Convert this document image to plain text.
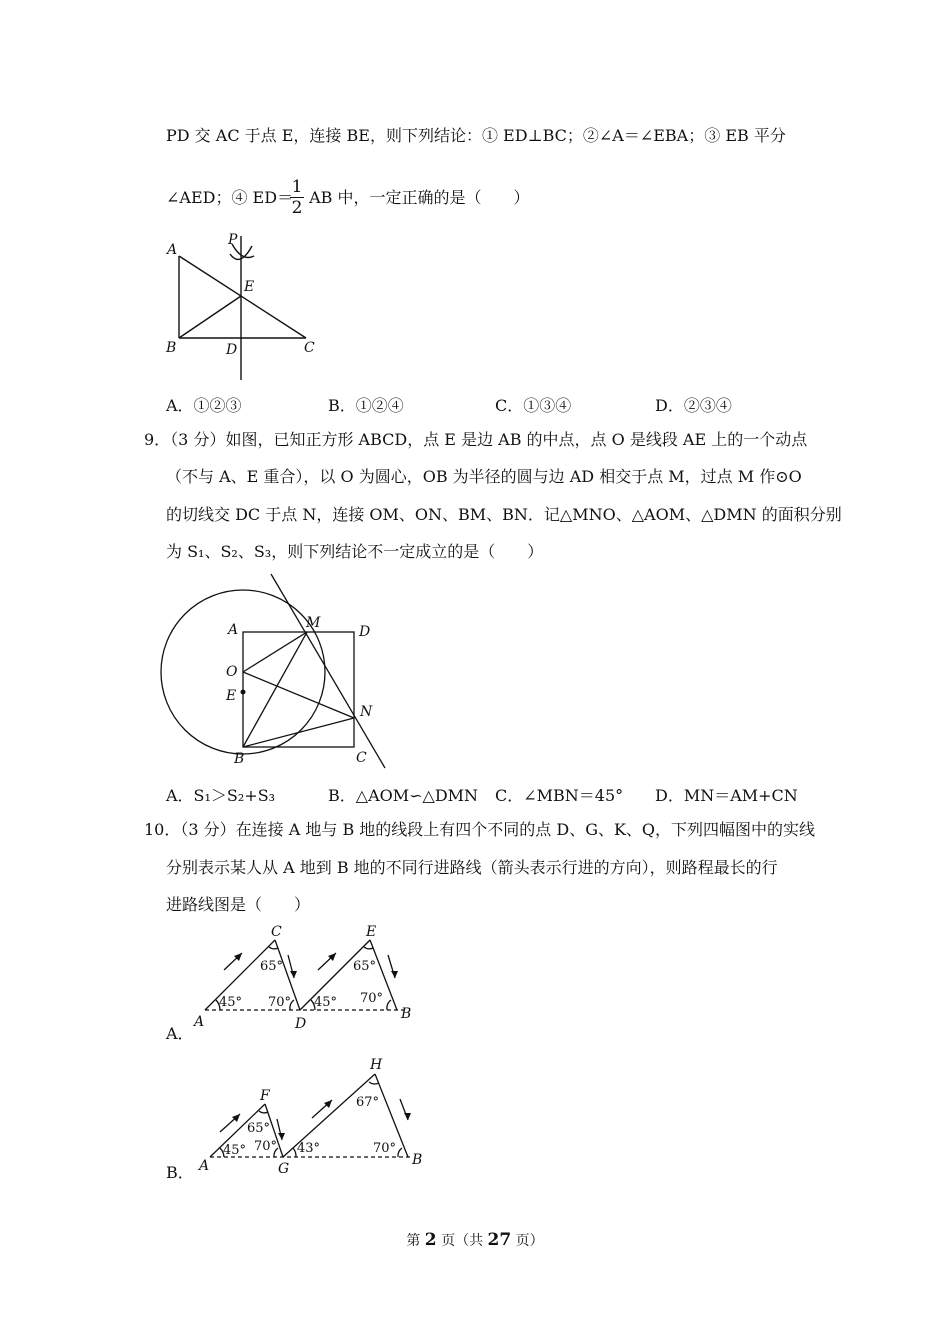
PD 交 AC 于点 E，连接 BE，则下列结论：① ED⊥BC；②∠A＝∠EBA；③ EB 平分
∠AED；④ ED＝ AB 中，一定正确的是（　　）
1
2
A
P
E
B	D	C
A．①②③	B．①②④	C．①③④	D．②③④
9．（3 分）如图，已知正方形 ABCD，点 E 是边 AB 的中点，点 O 是线段 AE 上的一个动点
（不与 A、E 重合），以 O 为圆心，OB 为半径的圆与边 AD 相交于点 M，过点 M 作⊙O
的切线交 DC 于点 N，连接 OM、ON、BM、BN．记△MNO、△AOM、△DMN 的面积分别
为 S₁、S₂、S₃，则下列结论不一定成立的是（　　）
A	M
D
O
E
N
B	C
A．S₁＞S₂+S₃	B．△AOM∽△DMN C．∠MBN＝45° D．MN＝AM+CN
10．（3 分）在连接 A 地与 B 地的线段上有四个不同的点 D、G、K、Q，下列四幅图中的实线
分别表示某人从 A 地到 B 地的不同行进路线（箭头表示行进的方向），则路程最长的行
进路线图是（　　）
A．
A
C
D
E
B
45°
65°
70° 45°
65°
70°
B． A
F
G
H
B
45°
65°
70° 43°
67°
70°
第 2 页（共 27 页）
